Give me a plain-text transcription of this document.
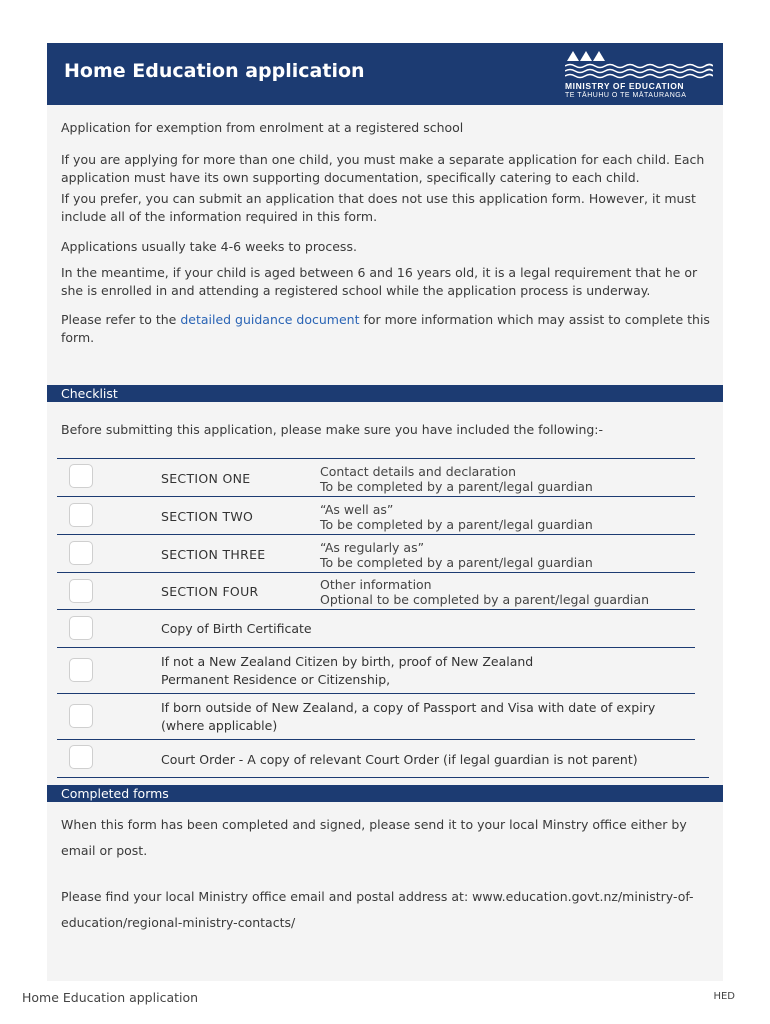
Home Education application
MINISTRY OF EDUCATION
TE TĀHUHU O TE MĀTAURANGA

Application for exemption from enrolment at a registered school

If you are applying for more than one child, you must make a separate application for each child. Each application must have its own supporting documentation, specifically catering to each child.

If you prefer, you can submit an application that does not use this application form. However, it must include all of the information required in this form.

Applications usually take 4-6 weeks to process.

In the meantime, if your child is aged between 6 and 16 years old, it is a legal requirement that he or she is enrolled in and attending a registered school while the application process is underway.

Please refer to the detailed guidance document for more information which may assist to complete this form.

Checklist

Before submitting this application, please make sure you have included the following:-

SECTION ONE	Contact details and declaration
To be completed by a parent/legal guardian
SECTION TWO	“As well as”
To be completed by a parent/legal guardian
SECTION THREE	“As regularly as”
To be completed by a parent/legal guardian
SECTION FOUR	Other information
Optional to be completed by a parent/legal guardian
Copy of Birth Certificate
If not a New Zealand Citizen by birth, proof of New Zealand Permanent Residence or Citizenship,
If born outside of New Zealand, a copy of Passport and Visa with date of expiry (where applicable)
Court Order - A copy of relevant Court Order (if legal guardian is not parent)
Completed forms

When this form has been completed and signed, please send it to your local Minstry office either by email or post.

Please find your local Ministry office email and postal address at: www.education.govt.nz/ministry-of-education/regional-ministry-contacts/

Home Education application	HED
